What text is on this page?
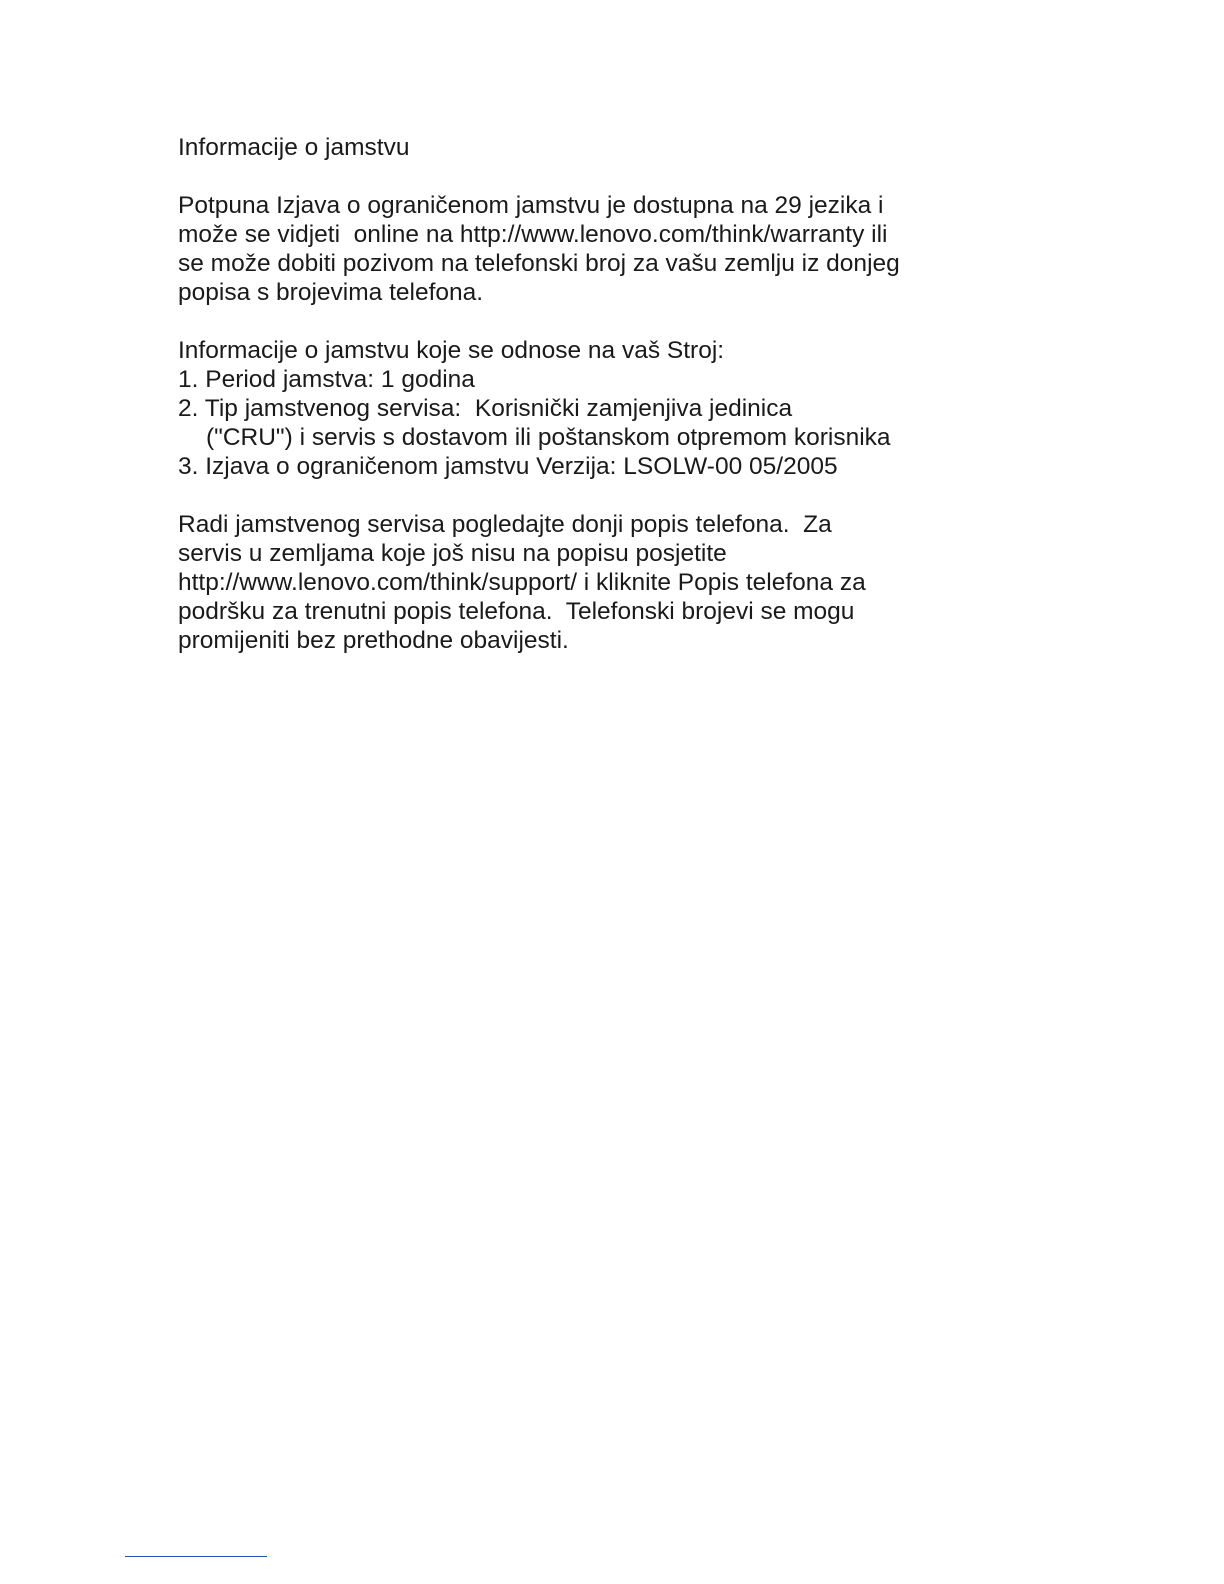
Informacije o jamstvu
Potpuna Izjava o ograničenom jamstvu je dostupna na 29 jezika i
može se vidjeti  online na http://www.lenovo.com/think/warranty ili
se može dobiti pozivom na telefonski broj za vašu zemlju iz donjeg
popisa s brojevima telefona.
Informacije o jamstvu koje se odnose na vaš Stroj:
1. Period jamstva: 1 godina
2. Tip jamstvenog servisa:  Korisnički zamjenjiva jedinica
("CRU") i servis s dostavom ili poštanskom otpremom korisnika
3. Izjava o ograničenom jamstvu Verzija: LSOLW-00 05/2005
Radi jamstvenog servisa pogledajte donji popis telefona.  Za
servis u zemljama koje još nisu na popisu posjetite
http://www.lenovo.com/think/support/ i kliknite Popis telefona za
podršku za trenutni popis telefona.  Telefonski brojevi se mogu
promijeniti bez prethodne obavijesti.
